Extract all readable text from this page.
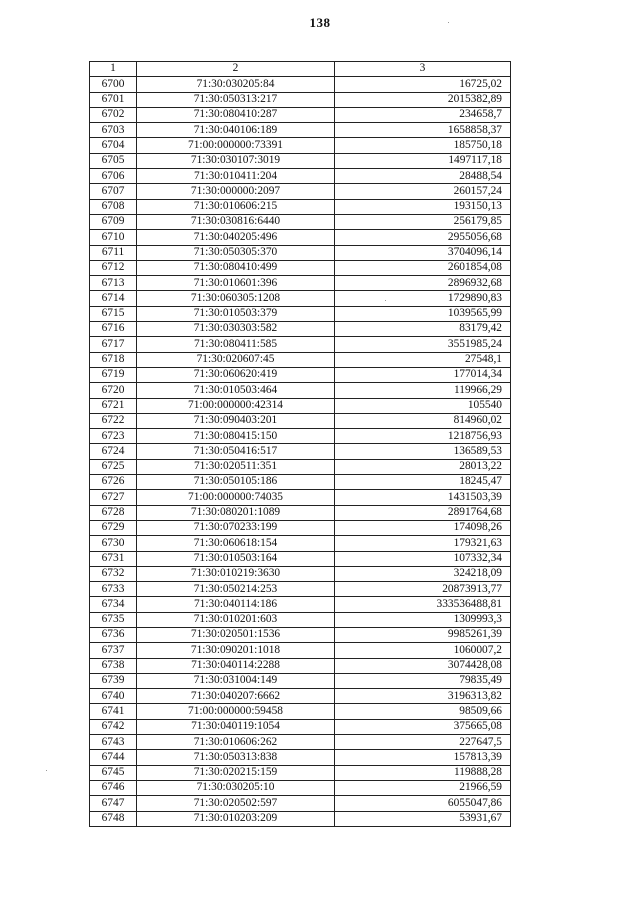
138
1	2	3
6700	71:30:030205:84	16725,02
6701	71:30:050313:217	2015382,89
6702	71:30:080410:287	234658,7
6703	71:30:040106:189	1658858,37
6704	71:00:000000:73391	185750,18
6705	71:30:030107:3019	1497117,18
6706	71:30:010411:204	28488,54
6707	71:30:000000:2097	260157,24
6708	71:30:010606:215	193150,13
6709	71:30:030816:6440	256179,85
6710	71:30:040205:496	2955056,68
6711	71:30:050305:370	3704096,14
6712	71:30:080410:499	2601854,08
6713	71:30:010601:396	2896932,68
6714	71:30:060305:1208	1729890,83
6715	71:30:010503:379	1039565,99
6716	71:30:030303:582	83179,42
6717	71:30:080411:585	3551985,24
6718	71:30:020607:45	27548,1
6719	71:30:060620:419	177014,34
6720	71:30:010503:464	119966,29
6721	71:00:000000:42314	105540
6722	71:30:090403:201	814960,02
6723	71:30:080415:150	1218756,93
6724	71:30:050416:517	136589,53
6725	71:30:020511:351	28013,22
6726	71:30:050105:186	18245,47
6727	71:00:000000:74035	1431503,39
6728	71:30:080201:1089	2891764,68
6729	71:30:070233:199	174098,26
6730	71:30:060618:154	179321,63
6731	71:30:010503:164	107332,34
6732	71:30:010219:3630	324218,09
6733	71:30:050214:253	20873913,77
6734	71:30:040114:186	333536488,81
6735	71:30:010201:603	1309993,3
6736	71:30:020501:1536	9985261,39
6737	71:30:090201:1018	1060007,2
6738	71:30:040114:2288	3074428,08
6739	71:30:031004:149	79835,49
6740	71:30:040207:6662	3196313,82
6741	71:00:000000:59458	98509,66
6742	71:30:040119:1054	375665,08
6743	71:30:010606:262	227647,5
6744	71:30:050313:838	157813,39
6745	71:30:020215:159	119888,28
6746	71:30:030205:10	21966,59
6747	71:30:020502:597	6055047,86
6748	71:30:010203:209	53931,67
